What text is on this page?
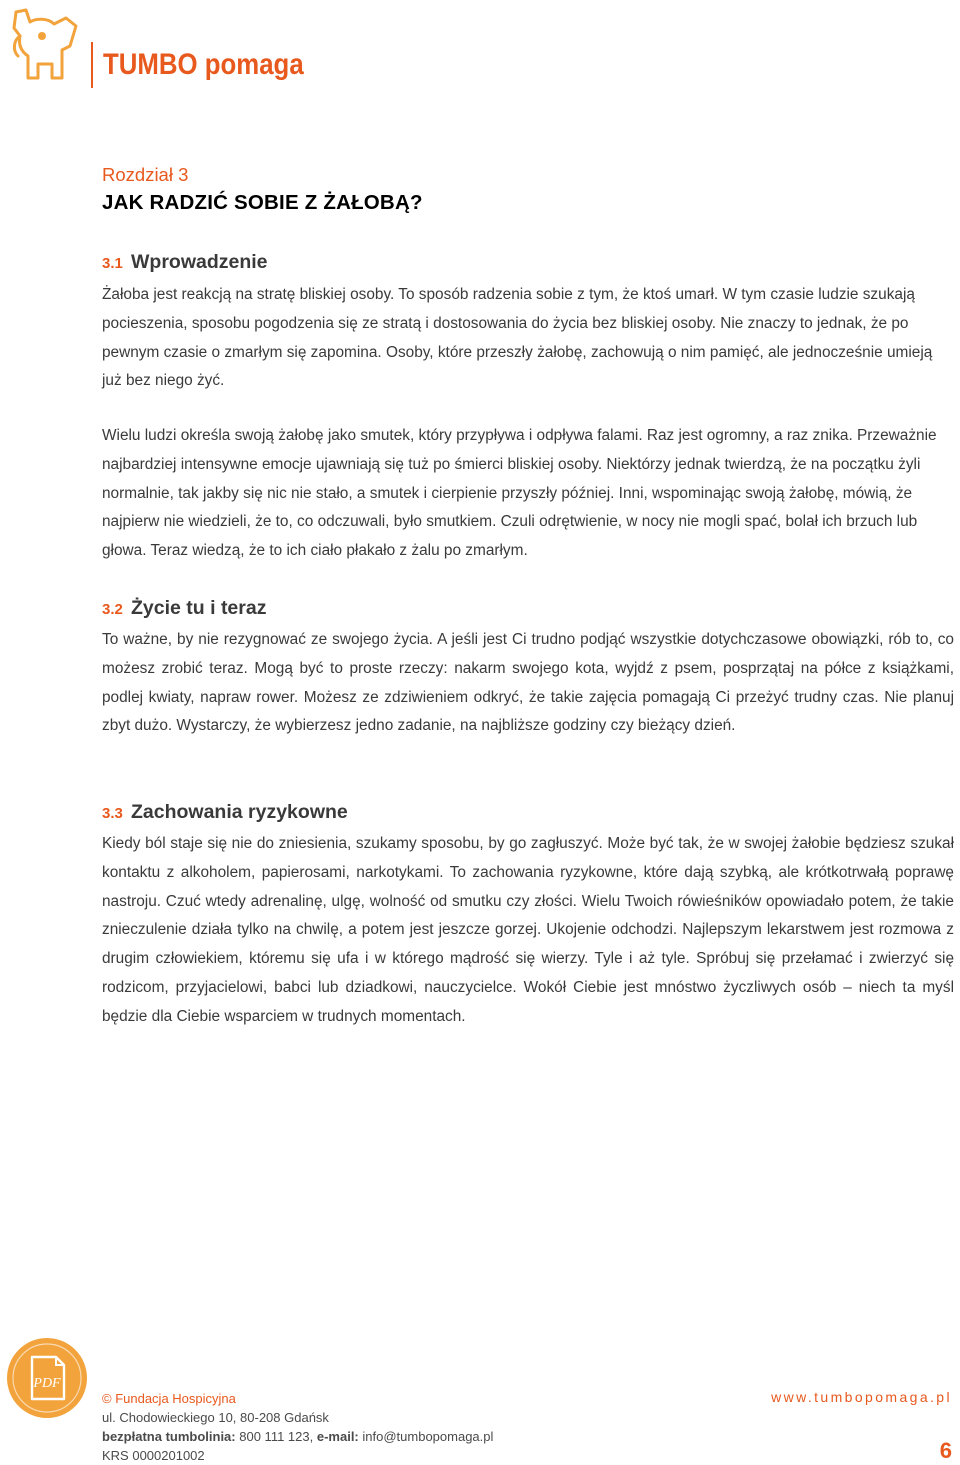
TUMBO pomaga

Rozdział 3

JAK RADZIĆ SOBIE Z ŻAŁOBĄ?
3.1 Wprowadzenie

Żałoba jest reakcją na stratę bliskiej osoby. To sposób radzenia sobie z tym, że ktoś umarł. W tym czasie ludzie szukają pocieszenia, sposobu pogodzenia się ze stratą i dostosowania do życia bez bliskiej osoby. Nie znaczy to jednak, że po pewnym czasie o zmarłym się zapomina. Osoby, które przeszły żałobę, zachowują o nim pamięć, ale jednocześnie umieją już bez niego żyć.

Wielu ludzi określa swoją żałobę jako smutek, który przypływa i odpływa falami. Raz jest ogromny, a raz znika. Przeważnie najbardziej intensywne emocje ujawniają się tuż po śmierci bliskiej osoby. Niektórzy jednak twierdzą, że na początku żyli normalnie, tak jakby się nic nie stało, a smutek i cierpienie przyszły później. Inni, wspominając swoją żałobę, mówią, że najpierw nie wiedzieli, że to, co odczuwali, było smutkiem. Czuli odrętwienie, w nocy nie mogli spać, bolał ich brzuch lub głowa. Teraz wiedzą, że to ich ciało płakało z żalu po zmarłym.

3.2 Życie tu i teraz

To ważne, by nie rezygnować ze swojego życia. A jeśli jest Ci trudno podjąć wszystkie dotychczasowe obowiązki, rób to, co możesz zrobić teraz. Mogą być to proste rzeczy: nakarm swojego kota, wyjdź z psem, posprzątaj na półce z książkami, podlej kwiaty, napraw rower. Możesz ze zdziwieniem odkryć, że takie zajęcia pomagają Ci przeżyć trudny czas. Nie planuj zbyt dużo. Wystarczy, że wybierzesz jedno zadanie, na najbliższe godziny czy bieżący dzień.

3.3 Zachowania ryzykowne

Kiedy ból staje się nie do zniesienia, szukamy sposobu, by go zagłuszyć. Może być tak, że w swojej żałobie będziesz szukał kontaktu z alkoholem, papierosami, narkotykami. To zachowania ryzykowne, które dają szybką, ale krótkotrwałą poprawę nastroju. Czuć wtedy adrenalinę, ulgę, wolność od smutku czy złości. Wielu Twoich rówieśników opowiadało potem, że takie znieczulenie działa tylko na chwilę, a potem jest jeszcze gorzej. Ukojenie odchodzi. Najlepszym lekarstwem jest rozmowa z drugim człowiekiem, któremu się ufa i w którego mądrość się wierzy. Tyle i aż tyle. Spróbuj się przełamać i zwierzyć się rodzicom, przyjacielowi, babci lub dziadkowi, nauczycielce. Wokół Ciebie jest mnóstwo życzliwych osób – niech ta myśl będzie dla Ciebie wsparciem w trudnych momentach.

PDF
© Fundacja Hospicyjna
ul. Chodowieckiego 10, 80-208 Gdańsk
bezpłatna tumbolinia: 800 111 123, e-mail: info@tumbopomaga.pl
KRS 0000201002
www.tumbopomaga.pl
6
